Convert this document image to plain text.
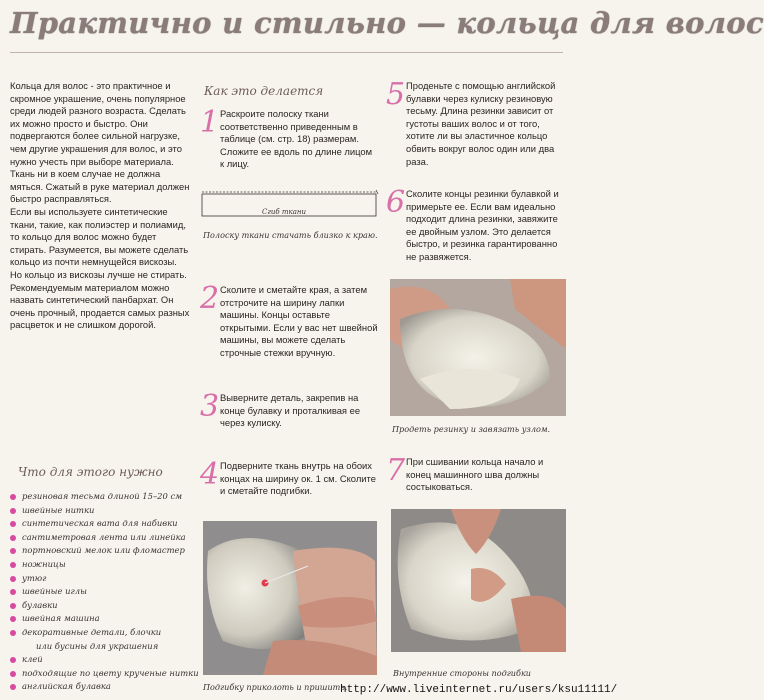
Практично и стильно — кольца для волос

Кольца для волос - это практичное и скромное украшение, очень популярное среди людей разного возраста. Сделать их можно просто и быстро. Они подвергаются более сильной нагрузке, чем другие украшения для волос, и это нужно учесть при выборе материала. Ткань ни в коем случае не должна мяться. Сжатый в руке материал должен быстро расправляться.

Если вы используете синтетические ткани, такие, как полиэстер и полиамид, то кольцо для волос можно будет стирать. Разумеется, вы можете сделать кольцо из почти немнущейся вискозы. Но кольцо из вискозы лучше не стирать. Рекомендуемым материалом можно назвать синтетический панбархат. Он очень прочный, продается самых разных расцветок и не слишком дорогой.

Что для этого нужно
резиновая тесьма длиной 15–20 см
швейные нитки
синтетическая вата для набивки
сантиметровая лента или линейка
портновский мелок или фломастер
ножницы
утюг
швейные иглы
булавки
швейная машина
декоративные детали, блочки
или бусины для украшения
клей
подходящие по цвету крученые нитки
английская булавка
Как это делается
1 Раскроите полоску ткани соответственно приведенным в таблице (см. стр. 18) размерам. Сложите ее вдоль по длине лицом к лицу.
Сгиб ткани
Полоску ткани стачать близко к краю.
2 Сколите и сметайте края, а затем отстрочите на ширину лапки машины. Концы оставьте открытыми. Если у вас нет швейной машины, вы можете сделать строчные стежки вручную.
3 Выверните деталь, закрепив на конце булавку и проталкивая ее через кулиску.
4 Подверните ткань внутрь на обоих концах на ширину ок. 1 см. Сколите и сметайте подгибки.
Подгибку приколоть и пришить.
5 Проденьте с помощью английской булавки через кулиску резиновую тесьму. Длина резинки зависит от густоты ваших волос и от того, хотите ли вы эластичное кольцо обвить вокруг волос один или два раза.
6 Сколите концы резинки булавкой и примерьте ее. Если вам идеально подходит длина резинки, завяжите ее двойным узлом. Это делается быстро, и резинка гарантированно не развяжется.
Продеть резинку и завязать узлом.
7 При сшивании кольца начало и конец машинного шва должны состыковаться.
Внутренние стороны подгибки
http://www.liveinternet.ru/users/ksu11111/
